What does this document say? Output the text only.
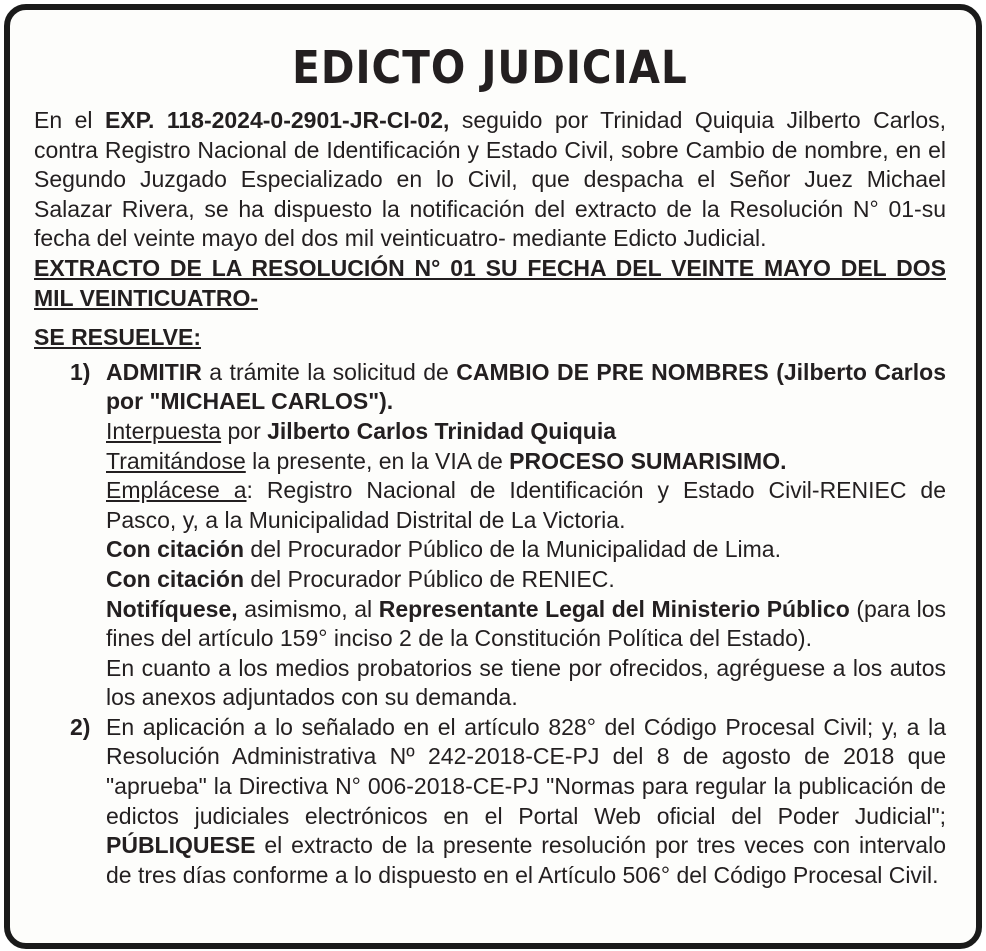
EDICTO JUDICIAL

En el EXP. 118-2024-0-2901-JR-CI-02, seguido por Trinidad Quiquia Jilberto Carlos, contra Registro Nacional de Identificación y Estado Civil, sobre Cambio de nombre, en el Segundo Juzgado Especializado en lo Civil, que despacha el Señor Juez Michael Salazar Rivera, se ha dispuesto la notificación del extracto de la Resolución N° 01-su fecha del veinte mayo del dos mil veinticuatro- mediante Edicto Judicial.

EXTRACTO DE LA RESOLUCIÓN N° 01 SU FECHA DEL VEINTE MAYO DEL DOS MIL VEINTICUATRO-

SE RESUELVE:
1) ADMITIR a trámite la solicitud de CAMBIO DE PRE NOMBRES (Jilberto Carlos por "MICHAEL CARLOS").

Interpuesta por Jilberto Carlos Trinidad Quiquia
Tramitándose la presente, en la VIA de PROCESO SUMARISIMO.

Emplácese a: Registro Nacional de Identificación y Estado Civil-RENIEC de Pasco, y, a la Municipalidad Distrital de La Victoria.

Con citación del Procurador Público de la Municipalidad de Lima.
Con citación del Procurador Público de RENIEC.

Notifíquese, asimismo, al Representante Legal del Ministerio Público (para los fines del artículo 159° inciso 2 de la Constitución Política del Estado).

En cuanto a los medios probatorios se tiene por ofrecidos, agréguese a los autos los anexos adjuntados con su demanda.

2) En aplicación a lo señalado en el artículo 828° del Código Procesal Civil; y, a la Resolución Administrativa Nº 242-2018-CE-PJ del 8 de agosto de 2018 que "aprueba" la Directiva N° 006-2018-CE-PJ "Normas para regular la publicación de edictos judiciales electrónicos en el Portal Web oficial del Poder Judicial"; PÚBLIQUESE el extracto de la presente resolución por tres veces con intervalo de tres días conforme a lo dispuesto en el Artículo 506° del Código Procesal Civil.
